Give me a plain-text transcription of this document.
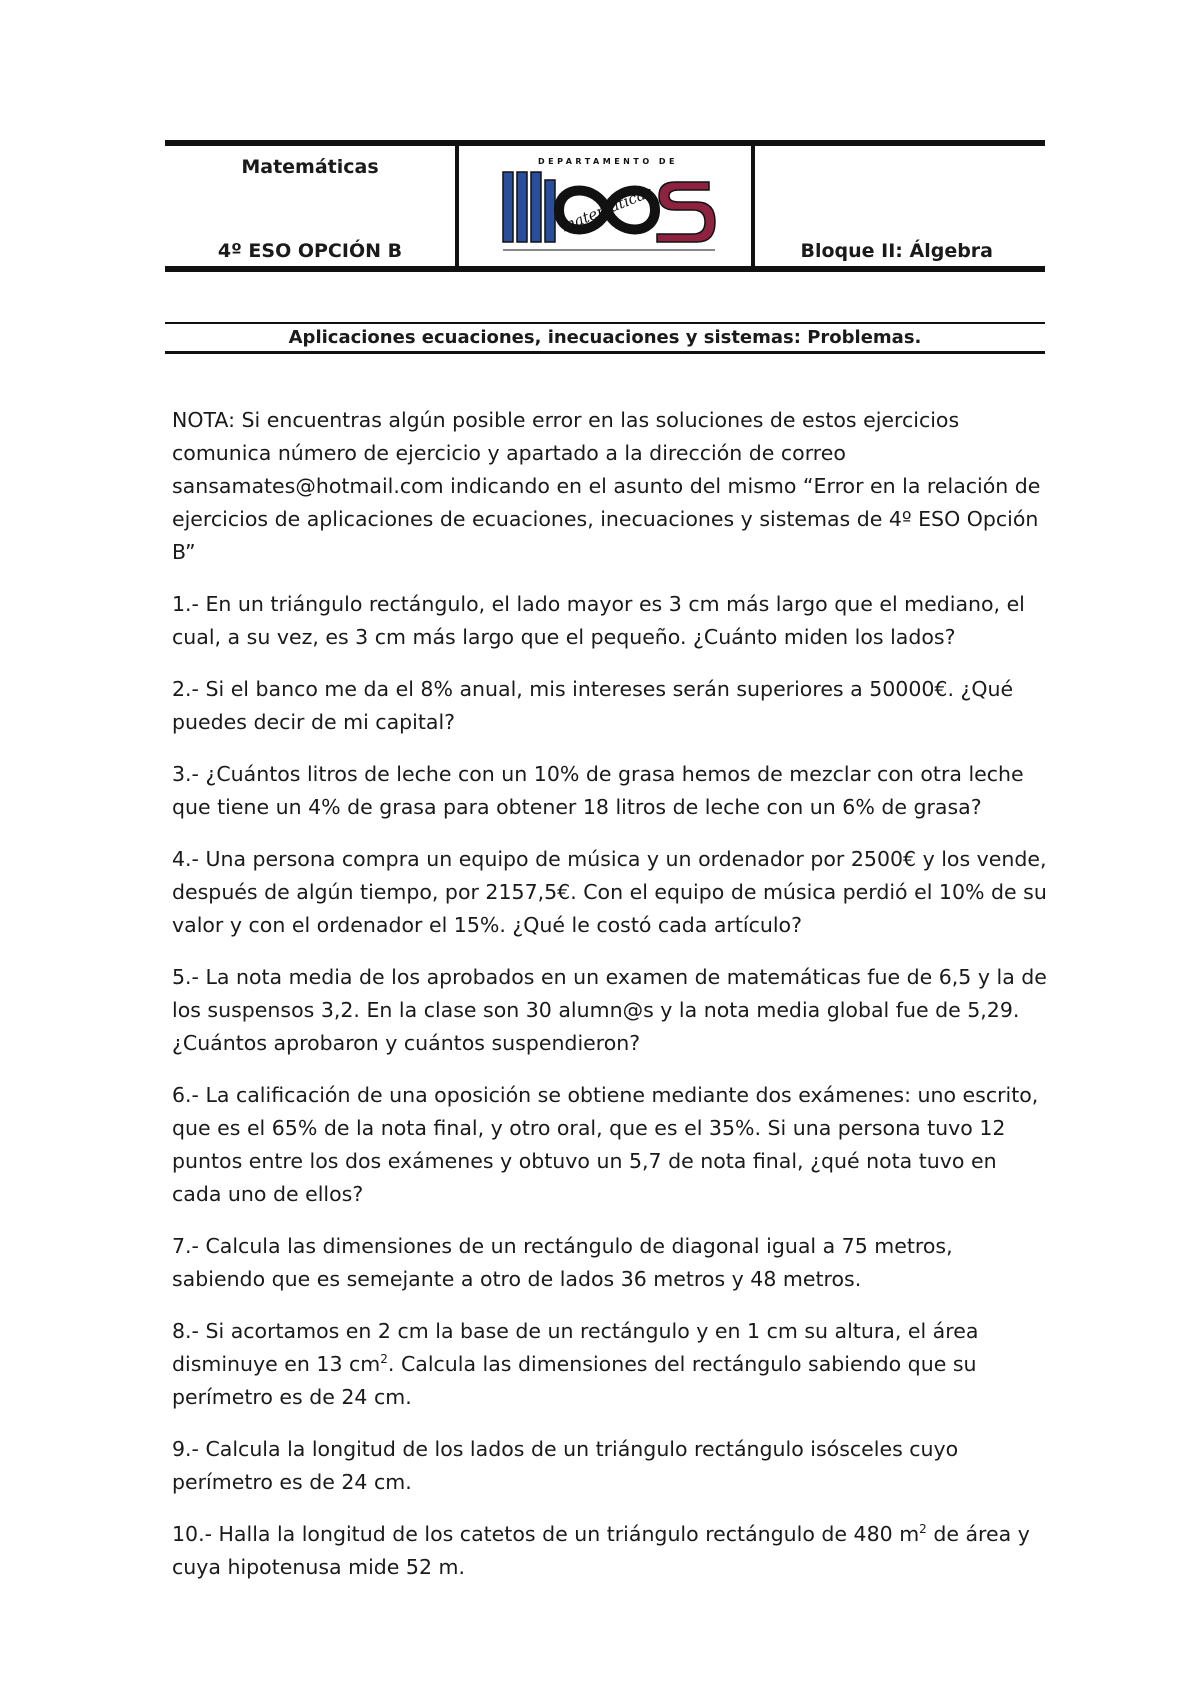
Matemáticas
4º ESO OPCIÓN B
DEPARTAMENTO DE
matemáticas
Bloque II: Álgebra
Aplicaciones ecuaciones, inecuaciones y sistemas: Problemas.

NOTA: Si encuentras algún posible error en las soluciones de estos ejercicios comunica número de ejercicio y apartado a la dirección de correo sansamates@hotmail.com indicando en el asunto del mismo “Error en la relación de ejercicios de aplicaciones de ecuaciones, inecuaciones y sistemas de 4º ESO Opción B”

1.- En un triángulo rectángulo, el lado mayor es 3 cm más largo que el mediano, el cual, a su vez, es 3 cm más largo que el pequeño. ¿Cuánto miden los lados?

2.- Si el banco me da el 8% anual, mis intereses serán superiores a 50000€. ¿Qué puedes decir de mi capital?

3.- ¿Cuántos litros de leche con un 10% de grasa hemos de mezclar con otra leche que tiene un 4% de grasa para obtener 18 litros de leche con un 6% de grasa?

4.- Una persona compra un equipo de música y un ordenador por 2500€ y los vende, después de algún tiempo, por 2157,5€. Con el equipo de música perdió el 10% de su valor y con el ordenador el 15%. ¿Qué le costó cada artículo?

5.- La nota media de los aprobados en un examen de matemáticas fue de 6,5 y la de los suspensos 3,2. En la clase son 30 alumn@s y la nota media global fue de 5,29. ¿Cuántos aprobaron y cuántos suspendieron?

6.- La calificación de una oposición se obtiene mediante dos exámenes: uno escrito, que es el 65% de la nota final, y otro oral, que es el 35%. Si una persona tuvo 12 puntos entre los dos exámenes y obtuvo un 5,7 de nota final, ¿qué nota tuvo en cada uno de ellos?

7.- Calcula las dimensiones de un rectángulo de diagonal igual a 75 metros, sabiendo que es semejante a otro de lados 36 metros y 48 metros.

8.- Si acortamos en 2 cm la base de un rectángulo y en 1 cm su altura, el área disminuye en 13 $cm^2$. Calcula las dimensiones del rectángulo sabiendo que su perímetro es de 24 cm.

9.- Calcula la longitud de los lados de un triángulo rectángulo isósceles cuyo perímetro es de 24 cm.

10.- Halla la longitud de los catetos de un triángulo rectángulo de 480 $m^2$ de área y cuya hipotenusa mide 52 m.
